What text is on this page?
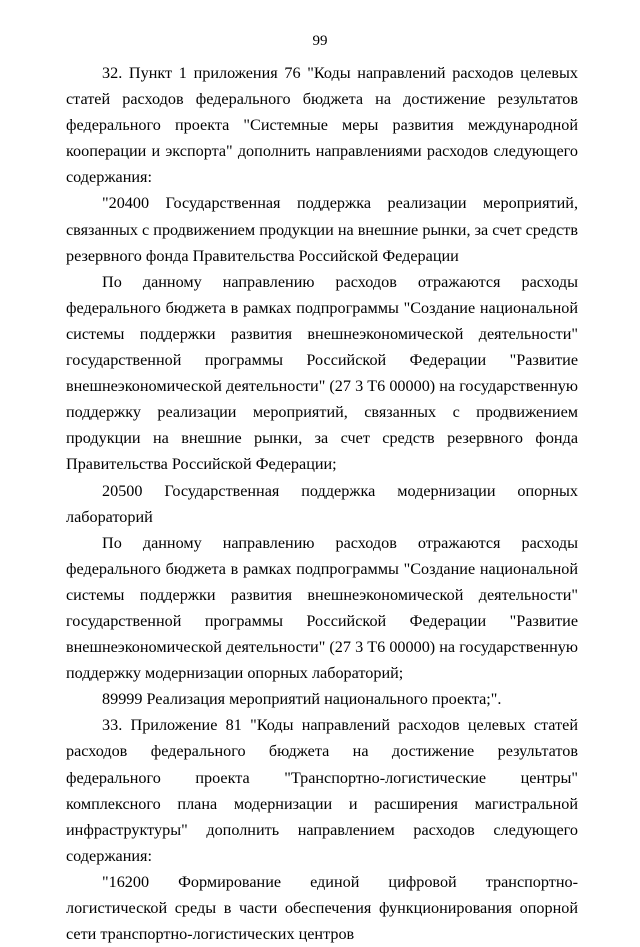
99

32. Пункт 1 приложения 76 "Коды направлений расходов целевых статей расходов федерального бюджета на достижение результатов федерального проекта "Системные меры развития международной кооперации и экспорта" дополнить направлениями расходов следующего содержания:

"20400 Государственная поддержка реализации мероприятий, связанных с продвижением продукции на внешние рынки, за счет средств резервного фонда Правительства Российской Федерации

По данному направлению расходов отражаются расходы федерального бюджета в рамках подпрограммы "Создание национальной системы поддержки развития внешнеэкономической деятельности" государственной программы Российской Федерации "Развитие внешнеэкономической деятельности" (27 3 Т6 00000) на государственную поддержку реализации мероприятий, связанных с продвижением продукции на внешние рынки, за счет средств резервного фонда Правительства Российской Федерации;

20500 Государственная поддержка модернизации опорных лабораторий

По данному направлению расходов отражаются расходы федерального бюджета в рамках подпрограммы "Создание национальной системы поддержки развития внешнеэкономической деятельности" государственной программы Российской Федерации "Развитие внешнеэкономической деятельности" (27 3 Т6 00000) на государственную поддержку модернизации опорных лабораторий;

89999 Реализация мероприятий национального проекта;".

33. Приложение 81 "Коды направлений расходов целевых статей расходов федерального бюджета на достижение результатов федерального проекта "Транспортно-логистические центры" комплексного плана модернизации и расширения магистральной инфраструктуры" дополнить направлением расходов следующего содержания:

"16200 Формирование единой цифровой транспортно-логистической среды в части обеспечения функционирования опорной сети транспортно-логистических центров
